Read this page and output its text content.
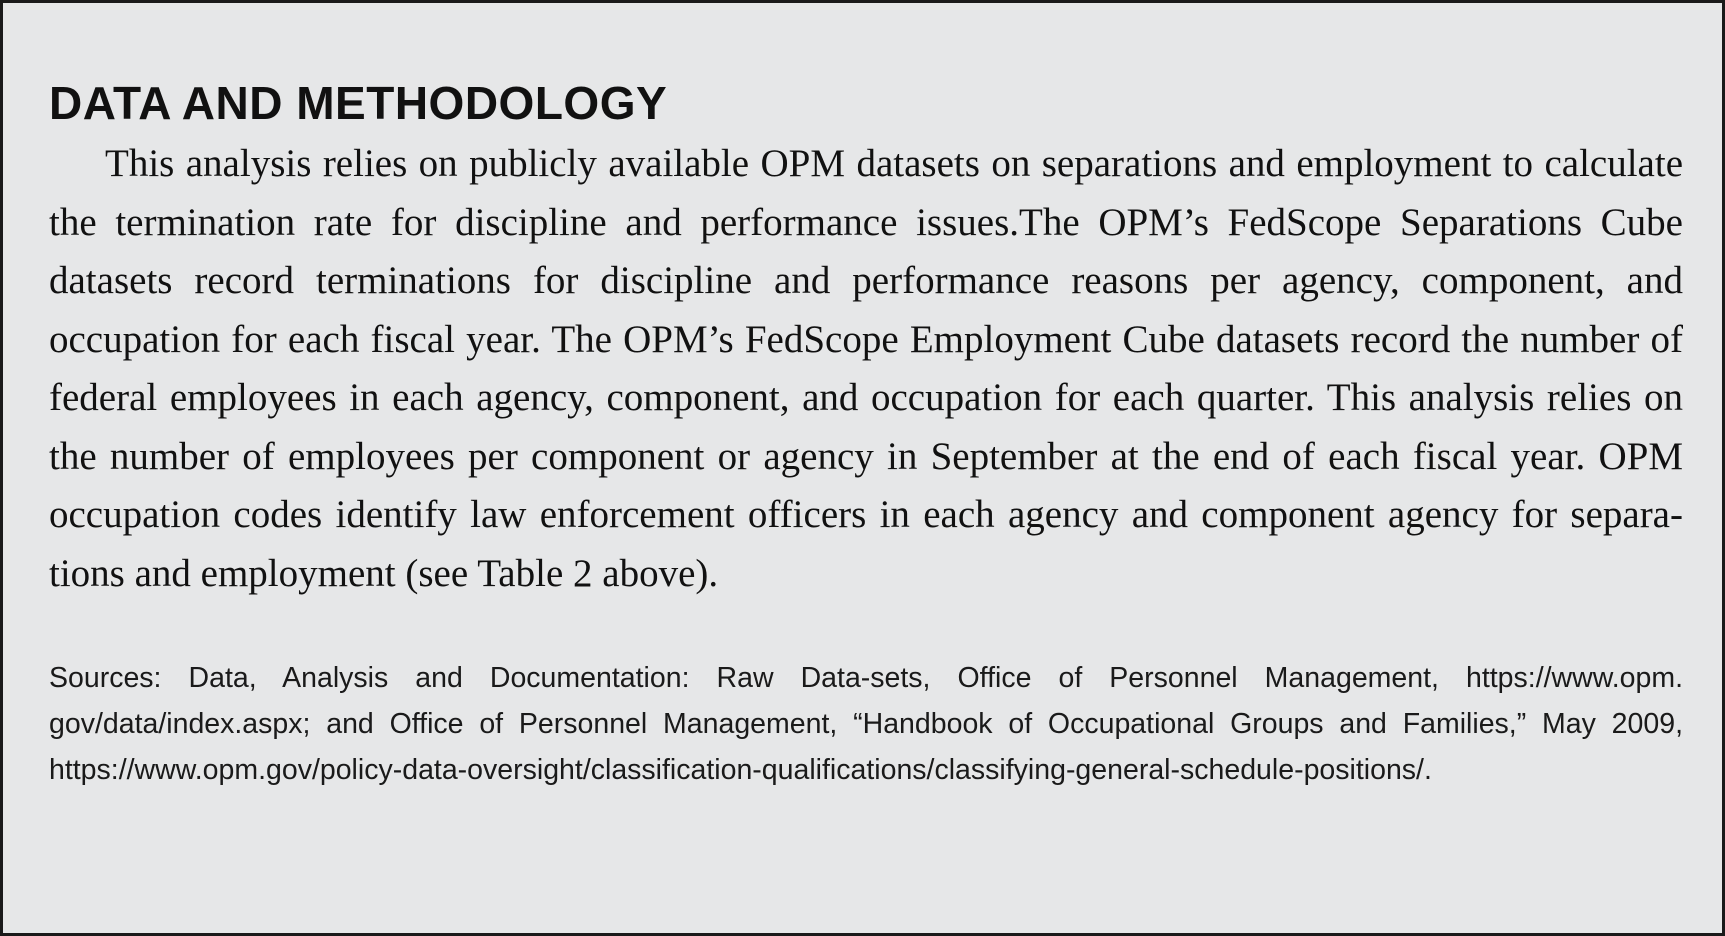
DATA AND METHODOLOGY

This analysis relies on publicly available OPM datasets on separations and employment to calculate the termination rate for discipline and performance issues.The OPM’s FedScope Separations Cube datasets record terminations for discipline and performance reasons per agency, component, and occupation for each fiscal year. The OPM’s FedScope Employment Cube datasets record the number of federal employees in each agency, component, and occupation for each quarter. This analysis relies on the number of employees per component or agency in September at the end of each fiscal year. OPM occupation codes identify law enforcement officers in each agency and component agency for separations and employment (see Table 2 above).

Sources: Data, Analysis and Documentation: Raw Data-sets, Office of Personnel Management, https://www.opm.​gov/data/index.aspx; and Office of Personnel Management, “Handbook of Occupational Groups and Families,” May 2009, https://www.opm.gov/policy-data-oversight/classification-qualifications/classifying-general-schedule-positions/.
